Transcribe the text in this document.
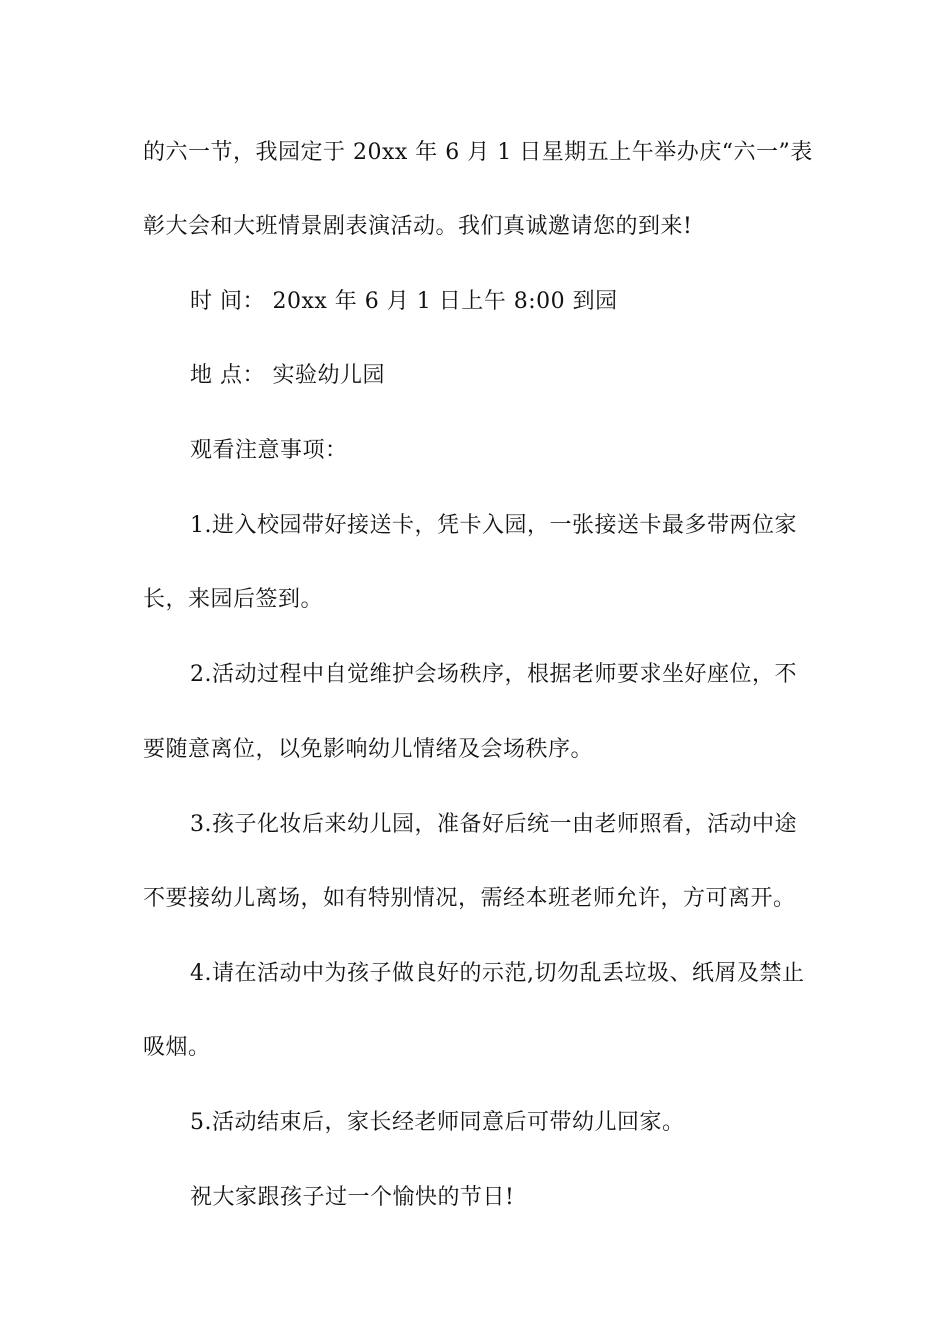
的六一节，我园定于 20xx 年 6 月 1 日星期五上午举办庆“六一”表
彰大会和大班情景剧表演活动。我们真诚邀请您的到来!
时 间： 20xx 年 6 月 1 日上午 8:00 到园
地 点： 实验幼儿园
观看注意事项：
1.进入校园带好接送卡，凭卡入园，一张接送卡最多带两位家
长，来园后签到。
2.活动过程中自觉维护会场秩序，根据老师要求坐好座位，不
要随意离位，以免影响幼儿情绪及会场秩序。
3.孩子化妆后来幼儿园，准备好后统一由老师照看，活动中途
不要接幼儿离场，如有特别情况，需经本班老师允许，方可离开。
4.请在活动中为孩子做良好的示范,切勿乱丢垃圾、纸屑及禁止
吸烟。
5.活动结束后，家长经老师同意后可带幼儿回家。
祝大家跟孩子过一个愉快的节日!
